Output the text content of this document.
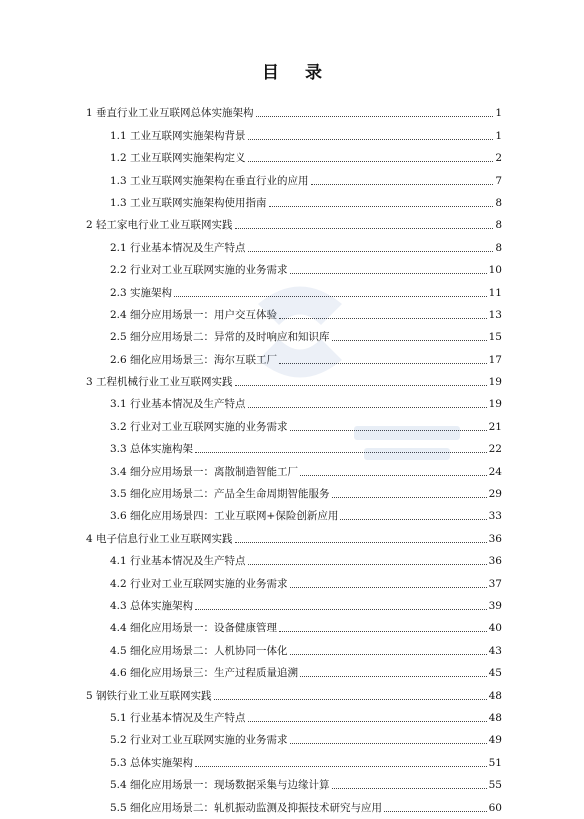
目 录
1 垂直行业工业互联网总体实施架构	1
1.1 工业互联网实施架构背景	1
1.2 工业互联网实施架构定义	2
1.3 工业互联网实施架构在垂直行业的应用	7
1.3 工业互联网实施架构使用指南	8
2 轻工家电行业工业互联网实践	8
2.1 行业基本情况及生产特点	8
2.2 行业对工业互联网实施的业务需求	10
2.3 实施架构	11
2.4 细分应用场景一：用户交互体验	13
2.5 细分应用场景二：异常的及时响应和知识库	15
2.6 细化应用场景三：海尔互联工厂	17
3 工程机械行业工业互联网实践	19
3.1 行业基本情况及生产特点	19
3.2 行业对工业互联网实施的业务需求	21
3.3 总体实施构架	22
3.4 细分应用场景一：离散制造智能工厂	24
3.5 细化应用场景二：产品全生命周期智能服务	29
3.6 细化应用场景四：工业互联网+保险创新应用	33
4 电子信息行业工业互联网实践	36
4.1 行业基本情况及生产特点	36
4.2 行业对工业互联网实施的业务需求	37
4.3 总体实施架构	39
4.4 细化应用场景一：设备健康管理	40
4.5 细化应用场景二：人机协同一体化	43
4.6 细化应用场景三：生产过程质量追溯	45
5 钢铁行业工业互联网实践	48
5.1 行业基本情况及生产特点	48
5.2 行业对工业互联网实施的业务需求	49
5.3 总体实施架构	51
5.4 细化应用场景一：现场数据采集与边缘计算	55
5.5 细化应用场景二：轧机振动监测及抑振技术研究与应用	60
